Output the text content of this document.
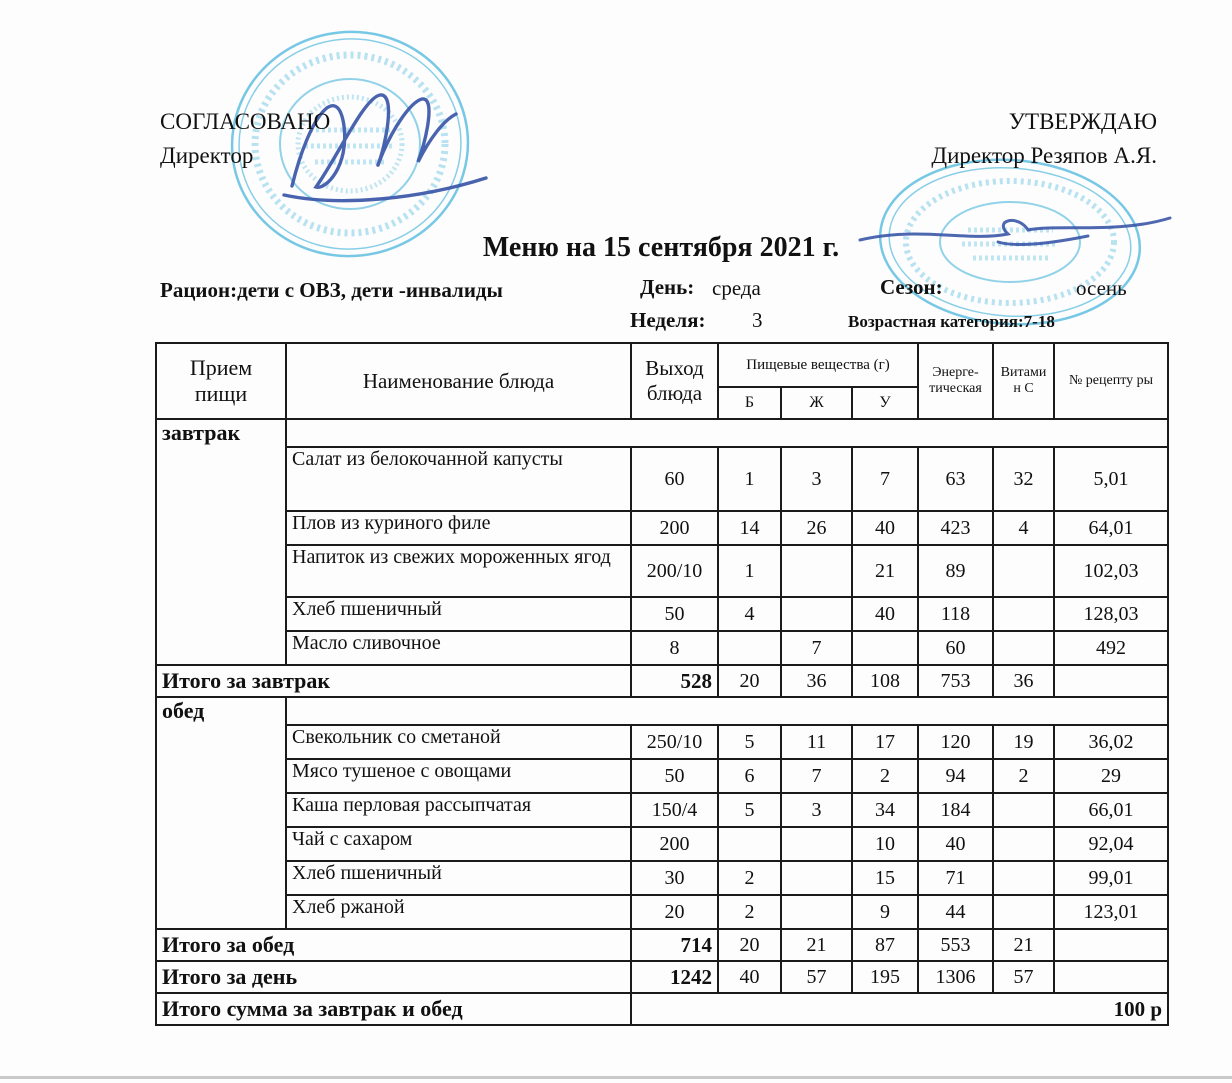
СОГЛАСОВАНО
Директор
УТВЕРЖДАЮ
Директор Резяпов А.Я.
Меню на 15 сентября 2021 г.
Рацион:дети с ОВЗ, дети -инвалиды	День: среда	Сезон:	осень
Неделя: 3	Возрастная категория:7-18
Прием пищи	Наименование блюда	Выход блюда	Пищевые вещества (г)			Энерге-тическая	Витами н С	№ рецепту ры
			Б	Ж	У			
завтрак								
	Салат из белокочанной капусты	60	1	3	7	63	32	5,01
	Плов из куриного филе	200	14	26	40	423	4	64,01
	Напиток из свежих мороженных ягод	200/10	1		21	89		102,03
	Хлеб пшеничный	50	4		40	118		128,03
	Масло сливочное	8		7		60		492
Итого за завтрак		528	20	36	108	753	36	
обед								
	Свекольник со сметаной	250/10	5	11	17	120	19	36,02
	Мясо тушеное с овощами	50	6	7	2	94	2	29
	Каша перловая рассыпчатая	150/4	5	3	34	184		66,01
	Чай с сахаром	200			10	40		92,04
	Хлеб пшеничный	30	2		15	71		99,01
	Хлеб ржаной	20	2		9	44		123,01
Итого за обед		714	20	21	87	553	21	
Итого за день		1242	40	57	195	1306	57	
Итого сумма за завтрак и обед		100 р						
